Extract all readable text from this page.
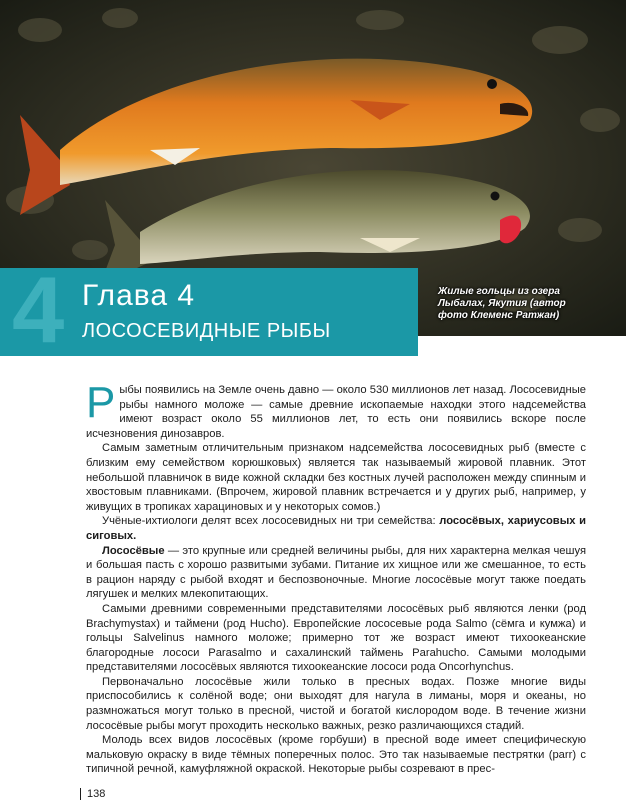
4 Глава 4
ЛОСОСЕВИДНЫЕ РЫБЫ
Жилые гольцы из озера Лыбалах, Якутия (автор фото Клеменс Ратжан)

Рыбы появились на Земле очень давно — около 530 миллионов лет назад. Лососевидные рыбы намного моложе — самые древние ископаемые находки этого надсемейства имеют возраст около 55 миллионов лет, то есть они появились вскоре после исчезновения динозавров.

Самым заметным отличительным признаком надсемейства лососевидных рыб (вместе с близким ему семейством корюшковых) является так называемый жировой плавник. Этот небольшой плавничок в виде кожной складки без костных лучей расположен между спинным и хвостовым плавниками. (Впрочем, жировой плавник встречается и у других рыб, например, у живущих в тропиках харациновых и у некоторых сомов.)

Учёные-ихтиологи делят всех лососевидных ни три семейства: лососёвых, хариусовых и сиговых.

Лососёвые — это крупные или средней величины рыбы, для них характерна мелкая чешуя и большая пасть с хорошо развитыми зубами. Питание их хищное или же смешанное, то есть в рацион наряду с рыбой входят и беспозвоночные. Многие лососёвые могут также поедать лягушек и мелких млекопитающих.

Самыми древними современными представителями лососёвых рыб являются ленки (род Brachymystax) и таймени (род Hucho). Европейские лососевые рода Salmo (сёмга и кумжа) и гольцы Salvelinus намного моложе; примерно тот же возраст имеют тихоокеанские благородные лососи Parasalmo и сахалинский таймень Parahucho. Самыми молодыми представителями лососёвых являются тихоокеанские лососи рода Oncorhynchus.

Первоначально лососёвые жили только в пресных водах. Позже многие виды приспособились к солёной воде; они выходят для нагула в лиманы, моря и океаны, но размножаться могут только в пресной, чистой и богатой кислородом воде. В течение жизни лососёвые рыбы могут проходить несколько важных, резко различающихся стадий.

Молодь всех видов лососёвых (кроме горбуши) в пресной воде имеет специфическую мальковую окраску в виде тёмных поперечных полос. Это так называемые пестрятки (parr) с типичной речной, камуфляжной окраской. Некоторые рыбы созревают в прес-

138
